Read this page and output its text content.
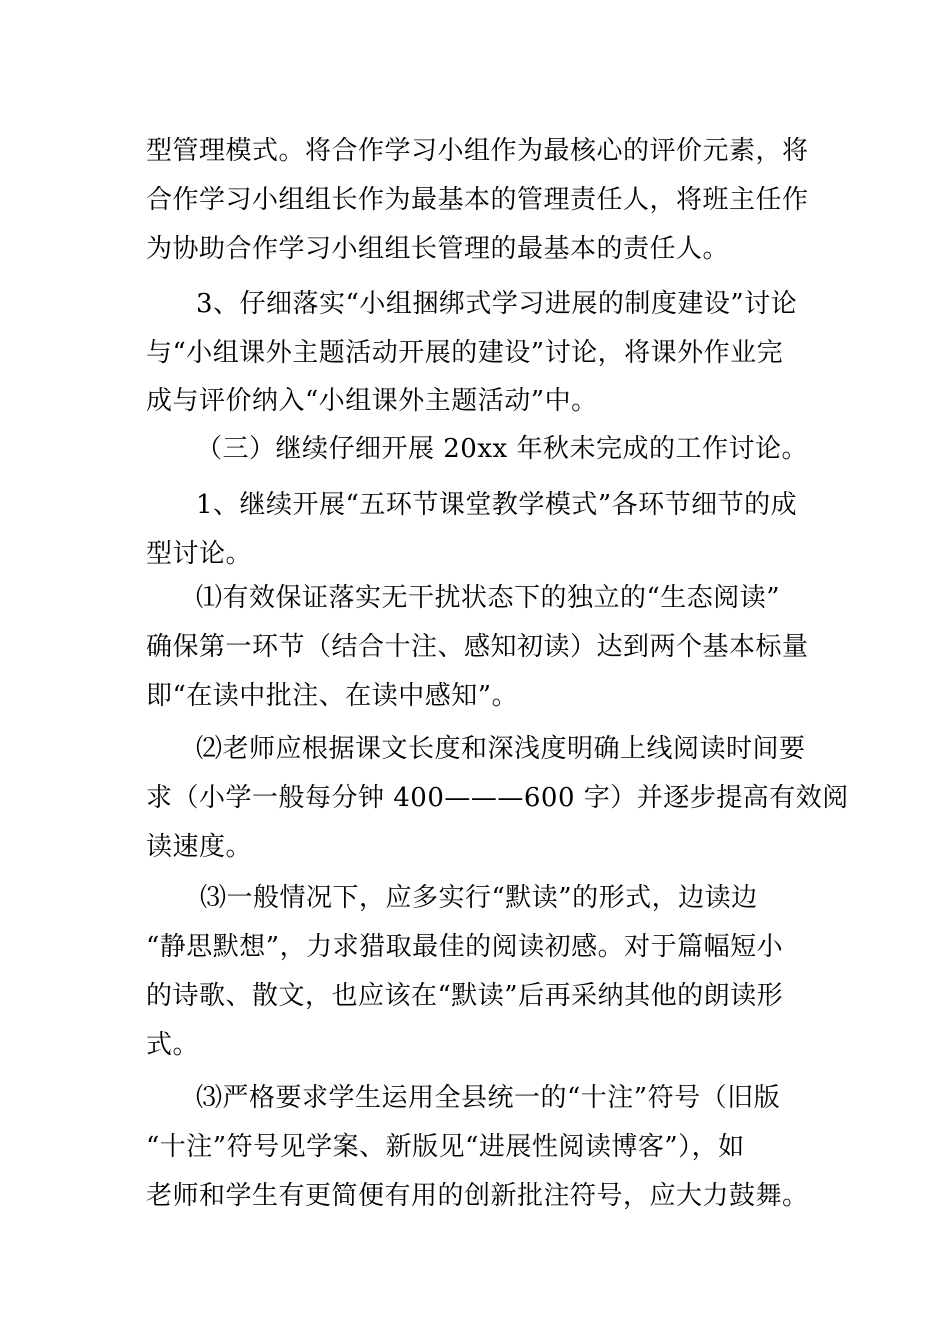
型管理模式。将合作学习小组作为最核心的评价元素，将
合作学习小组组长作为最基本的管理责任人，将班主任作
为协助合作学习小组组长管理的最基本的责任人。
3、仔细落实“小组捆绑式学习进展的制度建设”讨论
与“小组课外主题活动开展的建设”讨论，将课外作业完
成与评价纳入“小组课外主题活动”中。
（三）继续仔细开展 20xx 年秋未完成的工作讨论。
1、继续开展“五环节课堂教学模式”各环节细节的成
型讨论。
⑴有效保证落实无干扰状态下的独立的“生态阅读”
确保第一环节（结合十注、感知初读）达到两个基本标量
即“在读中批注、在读中感知”。
⑵老师应根据课文长度和深浅度明确上线阅读时间要
求（小学一般每分钟 400———600 字）并逐步提高有效阅
读速度。
⑶一般情况下，应多实行“默读”的形式，边读边
“静思默想”，力求猎取最佳的阅读初感。对于篇幅短小
的诗歌、散文，也应该在“默读”后再采纳其他的朗读形
式。
⑶严格要求学生运用全县统一的“十注”符号（旧版
“十注”符号见学案、新版见“进展性阅读博客”），如
老师和学生有更简便有用的创新批注符号，应大力鼓舞。
